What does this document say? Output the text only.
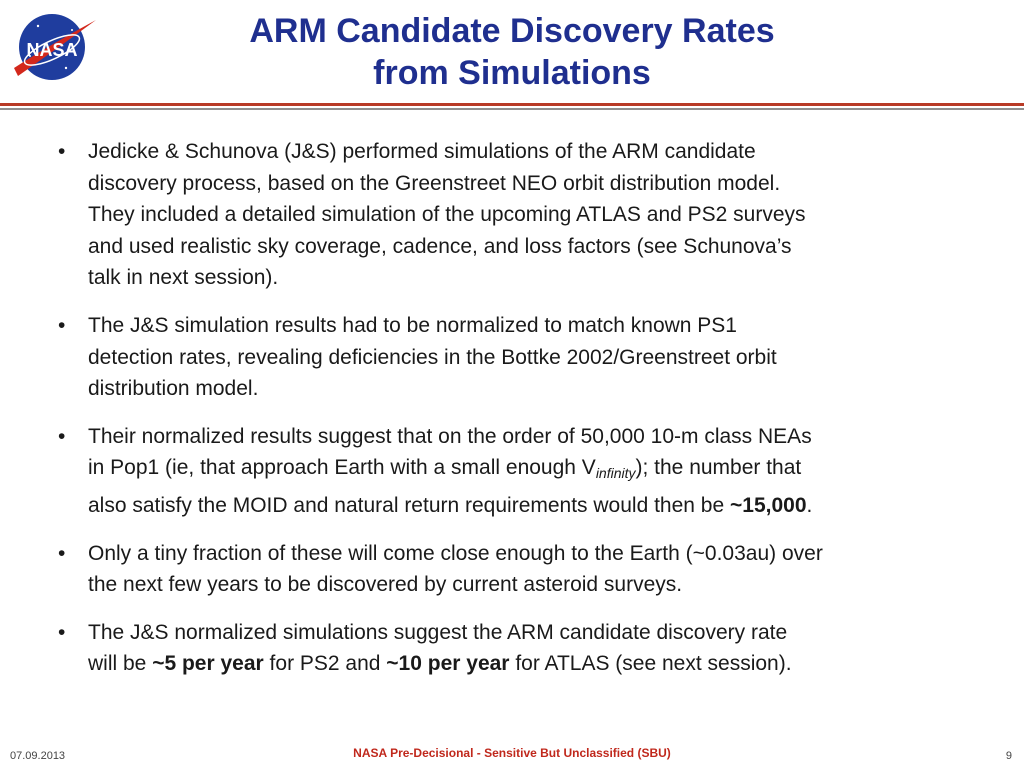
NASA	ARM Candidate Discovery Rates
from Simulations
• Jedicke & Schunova (J&S) performed simulations of the ARM candidate
discovery process, based on the Greenstreet NEO orbit distribution model.
They included a detailed simulation of the upcoming ATLAS and PS2 surveys
and used realistic sky coverage, cadence, and loss factors (see Schunova’s
talk in next session).
• The J&S simulation results had to be normalized to match known PS1
detection rates, revealing deficiencies in the Bottke 2002/Greenstreet orbit
distribution model.
• Their normalized results suggest that on the order of 50,000 10-m class NEAs
in Pop1 (ie, that approach Earth with a small enough $V_{infinity}$); the number that
also satisfy the MOID and natural return requirements would then be ~15,000.
• Only a tiny fraction of these will come close enough to the Earth (~0.03au) over
the next few years to be discovered by current asteroid surveys.
• The J&S normalized simulations suggest the ARM candidate discovery rate
will be ~5 per year for PS2 and ~10 per year for ATLAS (see next session).
07.09.2013	NASA Pre-Decisional - Sensitive But Unclassified (SBU)	9
